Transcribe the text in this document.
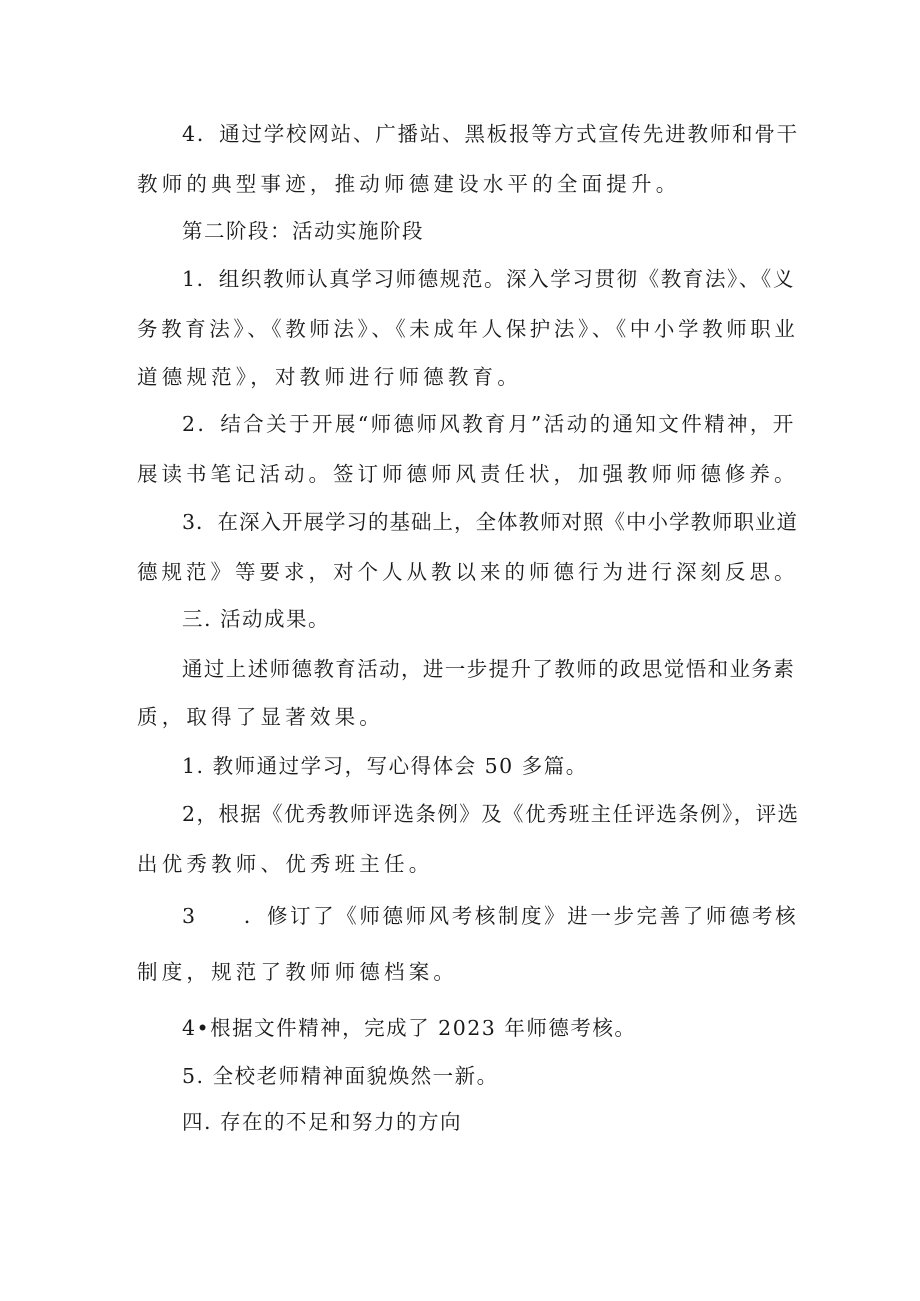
4．通过学校网站、广播站、黑板报等方式宣传先进教师和骨干
教师的典型事迹，推动师德建设水平的全面提升。
第二阶段：活动实施阶段
1．组织教师认真学习师德规范。深入学习贯彻《教育法》、《义
务教育法》、《教师法》、《未成年人保护法》、《中小学教师职业
道德规范》，对教师进行师德教育。
2．结合关于开展“师德师风教育月”活动的通知文件精神，开
展读书笔记活动。签订师德师风责任状，加强教师师德修养。
3．在深入开展学习的基础上，全体教师对照《中小学教师职业道
德规范》等要求，对个人从教以来的师德行为进行深刻反思。
三. 活动成果。
通过上述师德教育活动，进一步提升了教师的政思觉悟和业务素
质，取得了显著效果。
1. 教师通过学习，写心得体会 50 多篇。
2，根据《优秀教师评选条例》及《优秀班主任评选条例》，评选
出优秀教师、优秀班主任。
3　　．修订了《师德师风考核制度》进一步完善了师德考核
制度，规范了教师师德档案。
4•根据文件精神，完成了 2023 年师德考核。
5. 全校老师精神面貌焕然一新。
四. 存在的不足和努力的方向
